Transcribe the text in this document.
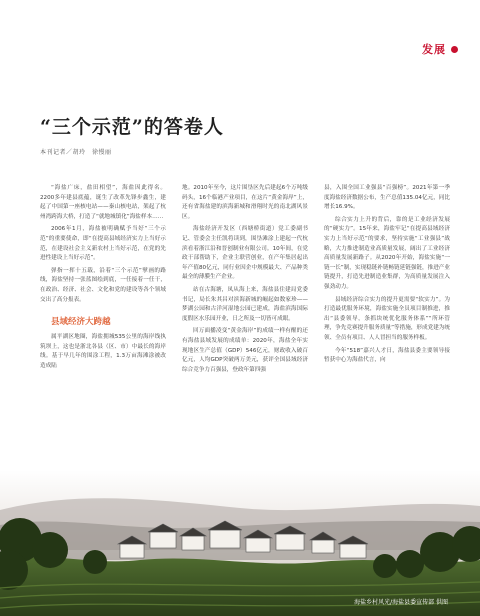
发展
“三个示范”的答卷人
本刊记者／胡玲　徐慢丽

“海盐广床，盐田相望”，海盐因此得名。2200多年建县底蕴，诞生了改革先锋步鑫生，建起了中国第一座核电站——秦山核电站，架起了杭州湾跨海大桥，打造了“就地城镇化”海盐样本……

2006年1月，海盐被明确赋予当好“三个示范”的重要使命，即“在提高县域经济实力上当好示范，在建设社会主义新农村上当好示范，在党的先进性建设上当好示范”。

弹指一挥十五载，沿着“三个示范”擘画的路线，海盐坚持一张蓝图绘到底，一任接着一任干，在政治、经济、社会、文化和党的建设等各个领域交出了高分报表。

县域经济大跨越

属平湖区地圈，海盐拥城535公里的海岸线执筑坝上，这也是浙北各县（区、市）中最长的海岸线。基于早几年的围涂工程，1.3万亩海滩涂被改造成陆

地。2010年至今，这片围垦区先后建起6个万吨级码头，16个临港产业项目，在这片“黄金海岸”上，还有省海盐建的滨海新城和滑翔时光的南北湖风景区。

海盐经济开发区（西塘桥街道）党工委副书记、管委会主任凯将读到，围垦滩涂上建起一代杭滨看着浙江沿和晋创制业有限公司。10年间，在党政干部帮助下，企业主联营创业，在产年集居起出年产值80亿元，同行业因企中规模最大、产品种类最全的薄膜生产企业。

站在古海塘，凤从海上来，海盐县住建局党委书记，局长朱其昌对滨海新城的崛起如数家珍——梦湖公园和古洋河湿地公园已建成，海盐滨海国际度假区水乐园开业，日之所及一切皆可成眼。

回万面播凌变“黄金海岸”的成绩一样有醒的还有海盐县域发展的成绩单：2020年，海盐全年实现地区生产总值（GDP）546亿元，财政收入破百亿元，人均GDP突破两万美元，获评全国县域经济综合竞争力百强县，登政年第四强

县，入围全国工业强县“百强榜”。2021年第一季度海盐经济数据公布，生产总值135.04亿元，同比增长16.9%。

综合实力上升的背后，靠的是工业经济发展的“硬实力”。15年来，海盐牢记“在提高县域经济实力上当好示范”的要求，坚持实施“工业强县”战略，大力推进制造业高质量发展，阔出了工业经济高质量发展新路子。从2020年开始，海盐实施“一链一长”制，实现稳链补链畅链延链强链，推进产业链提升，打造先进制造业集群，为高质量发展注入强劲动力。

县域经济综合实力的提升更需要“软实力”。为打造最优服务环境，海盐实施全员项目制推进，推出“县委领导，条抓块统优化服务体系”“所环管理，争先竞赛提升服务质量”等措施，形成党建为统领、全员有项目、人人冒担当的服务样板。

今年“518”嘉兴人才日，海盐县委主要领导接暂获中心为海盐代言，向

海盐乡村风光/海盐县委宣传部 供图
